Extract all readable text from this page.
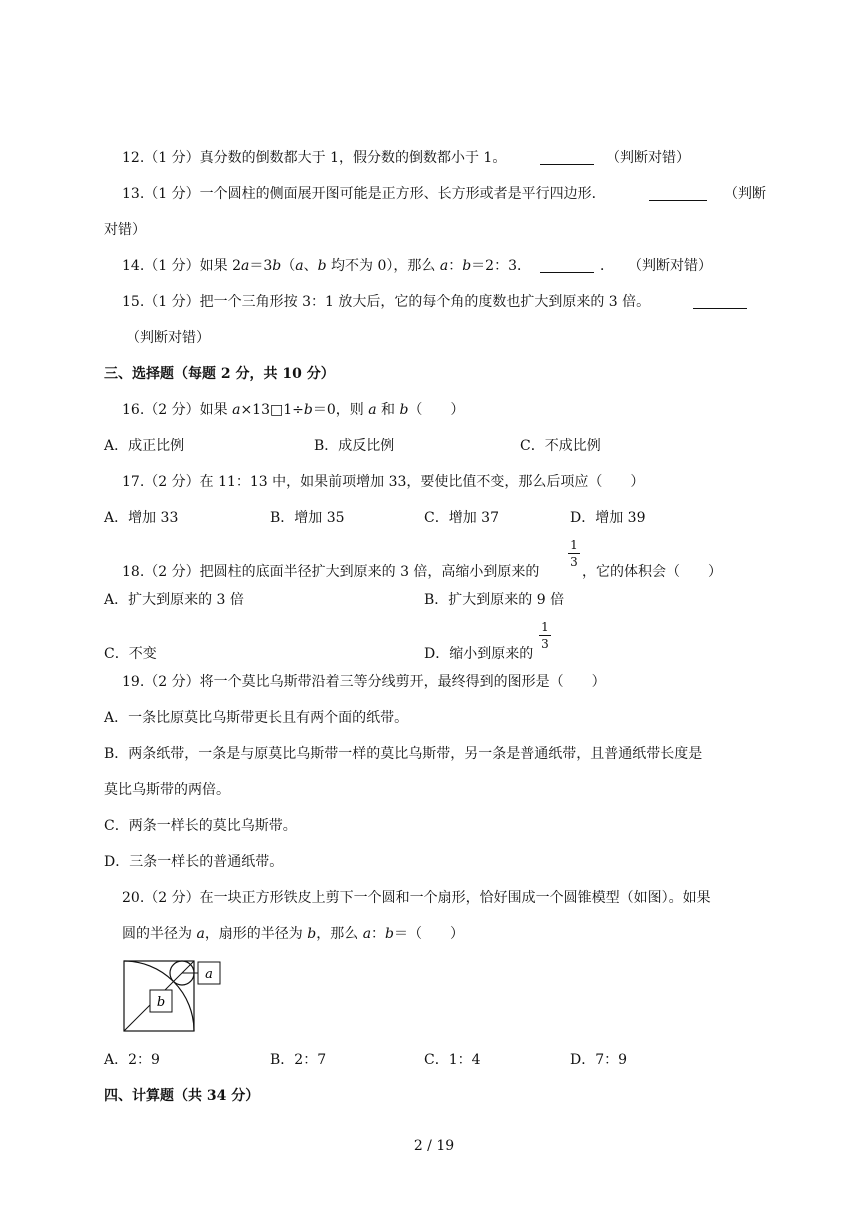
12.（1 分）真分数的倒数都大于 1，假分数的倒数都小于 1。	（判断对错）
13.（1 分）一个圆柱的侧面展开图可能是正方形、长方形或者是平行四边形．	（判断
对错）
14.（1 分）如果 2a＝3b（a、b 均不为 0），那么 a：b＝2：3．	． （判断对错）
15.（1 分）把一个三角形按 3：1 放大后，它的每个角的度数也扩大到原来的 3 倍。
（判断对错）
三、选择题（每题 2 分，共 10 分）
16.（2 分）如果 a×13□1÷b＝0，则 a 和 b（　　）
A．成正比例	B．成反比例	C．不成比例
17.（2 分）在 11：13 中，如果前项增加 33，要使比值不变，那么后项应（　　）
A．增加 33	B．增加 35	C．增加 37	D．增加 39
18.（2 分）把圆柱的底面半径扩大到原来的 3 倍，高缩小到原来的
1
3
，它的体积会（　　）
A．扩大到原来的 3 倍	B．扩大到原来的 9 倍
C．不变	D．缩小到原来的
1
3
19.（2 分）将一个莫比乌斯带沿着三等分线剪开，最终得到的图形是（　　）
A．一条比原莫比乌斯带更长且有两个面的纸带。
B．两条纸带，一条是与原莫比乌斯带一样的莫比乌斯带，另一条是普通纸带，且普通纸带长度是
莫比乌斯带的两倍。
C．两条一样长的莫比乌斯带。
D．三条一样长的普通纸带。
20.（2 分）在一块正方形铁皮上剪下一个圆和一个扇形，恰好围成一个圆锥模型（如图）。如果
圆的半径为 a，扇形的半径为 b，那么 a：b＝（　　）
a
b
A．2：9	B．2：7	C．1：4	D．7：9
四、计算题（共 34 分）
2 / 19
